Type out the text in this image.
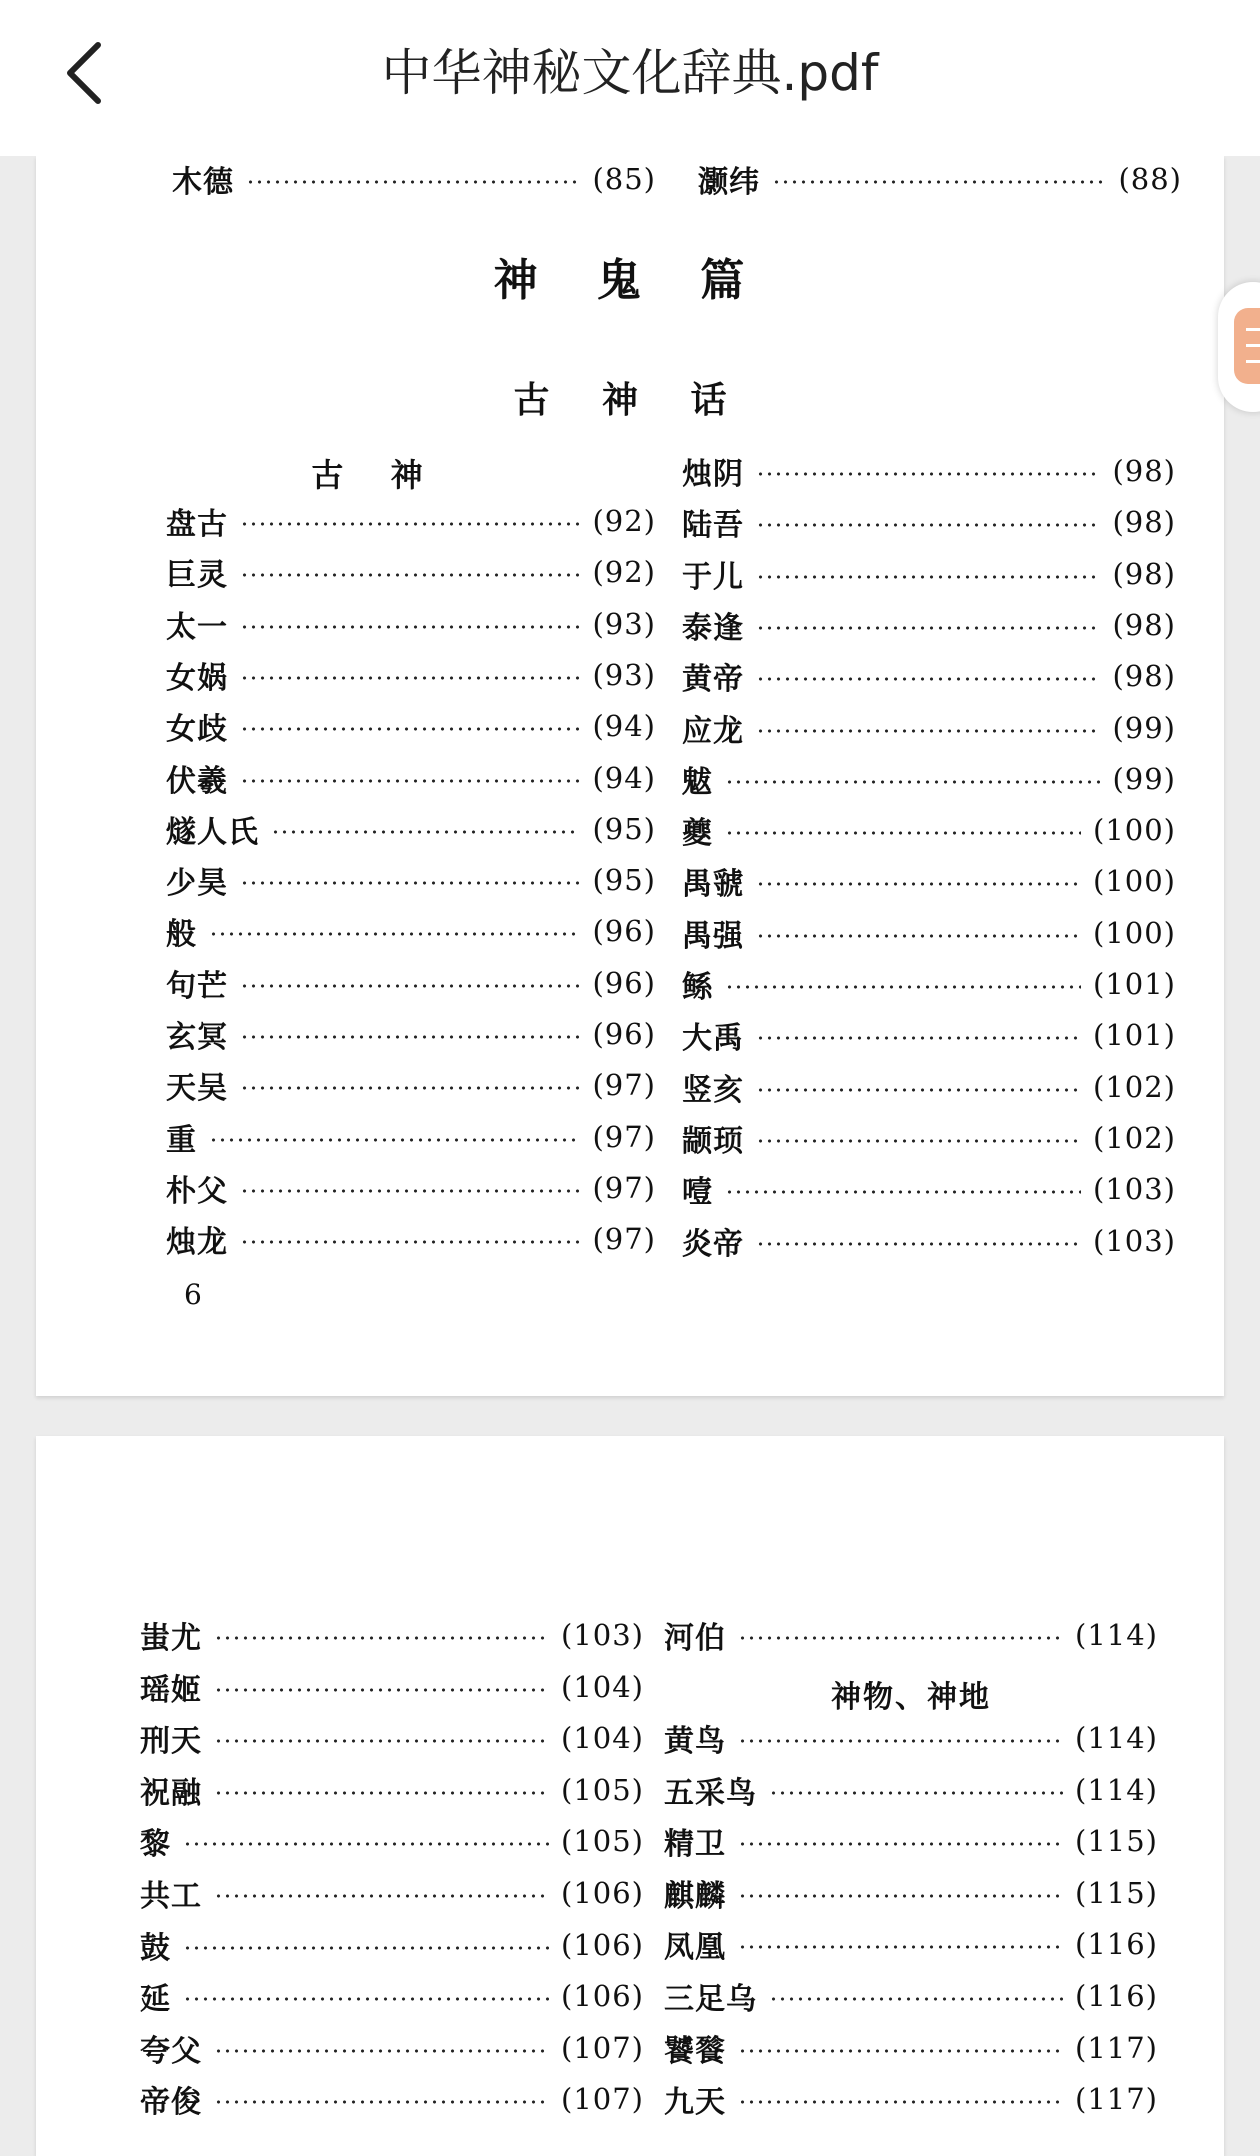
中华神秘文化辞典.pdf
木德	(85) 灏纬	(88)
神 鬼 篇
古 神 话
古 神
盘古	(92)
巨灵	(92)
太一	(93)
女娲	(93)
女歧	(94)
伏羲	(94)
燧人氏	(95)
少昊	(95)
般	(96)
句芒	(96)
玄冥	(96)
天吴	(97)
重	(97)
朴父	(97)
烛龙	(97)
烛阴	(98)
陆吾	(98)
于儿	(98)
泰逢	(98)
黄帝	(98)
应龙	(99)
魃	(99)
夔	(100)
禺虢	(100)
禺强	(100)
鲧	(101)
大禹	(101)
竖亥	(102)
颛顼	(102)
噎	(103)
炎帝	(103)
6
蚩尤	(103)
瑶姬	(104)
刑天	(104)
祝融	(105)
黎	(105)
共工	(106)
鼓	(106)
延	(106)
夸父	(107)
帝俊	(107)
河伯	(114)
神物、神地
黄鸟	(114)
五采鸟	(114)
精卫	(115)
麒麟	(115)
凤凰	(116)
三足乌	(116)
饕餮	(117)
九天	(117)
